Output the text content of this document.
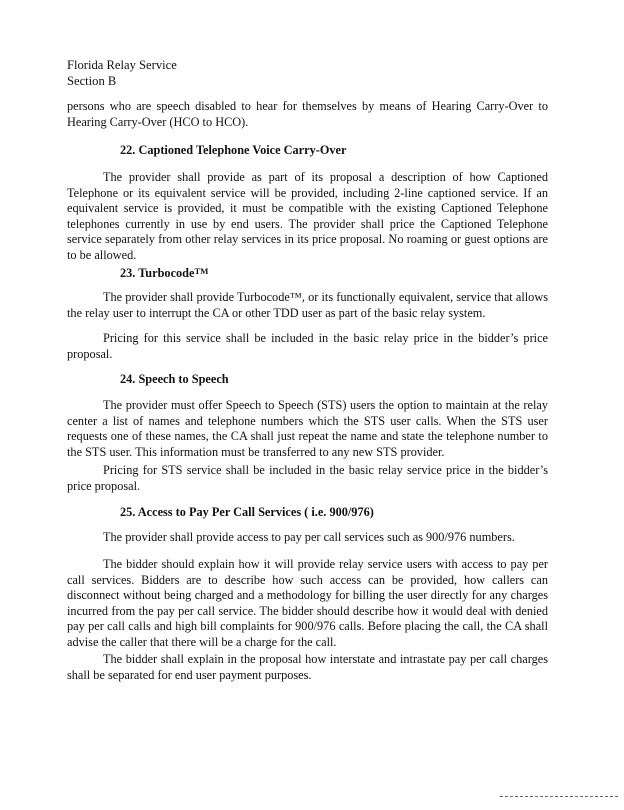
Florida Relay Service
Section B
persons who are speech disabled to hear for themselves by means of Hearing Carry-Over to Hearing Carry-Over (HCO to HCO).
22. Captioned Telephone Voice Carry-Over
The provider shall provide as part of its proposal a description of how Captioned Telephone or its equivalent service will be provided, including 2-line captioned service. If an equivalent service is provided, it must be compatible with the existing Captioned Telephone telephones currently in use by end users. The provider shall price the Captioned Telephone service separately from other relay services in its price proposal. No roaming or guest options are to be allowed.
23. Turbocode™
The provider shall provide Turbocode™, or its functionally equivalent, service that allows the relay user to interrupt the CA or other TDD user as part of the basic relay system.
Pricing for this service shall be included in the basic relay price in the bidder’s price proposal.
24. Speech to Speech
The provider must offer Speech to Speech (STS) users the option to maintain at the relay center a list of names and telephone numbers which the STS user calls. When the STS user requests one of these names, the CA shall just repeat the name and state the telephone number to the STS user. This information must be transferred to any new STS provider.
Pricing for STS service shall be included in the basic relay service price in the bidder’s price proposal.
25. Access to Pay Per Call Services ( i.e. 900/976)
The provider shall provide access to pay per call services such as 900/976 numbers.
The bidder should explain how it will provide relay service users with access to pay per call services. Bidders are to describe how such access can be provided, how callers can disconnect without being charged and a methodology for billing the user directly for any charges incurred from the pay per call service. The bidder should describe how it would deal with denied pay per call calls and high bill complaints for 900/976 calls. Before placing the call, the CA shall advise the caller that there will be a charge for the call.
The bidder shall explain in the proposal how interstate and intrastate pay per call charges shall be separated for end user payment purposes.
